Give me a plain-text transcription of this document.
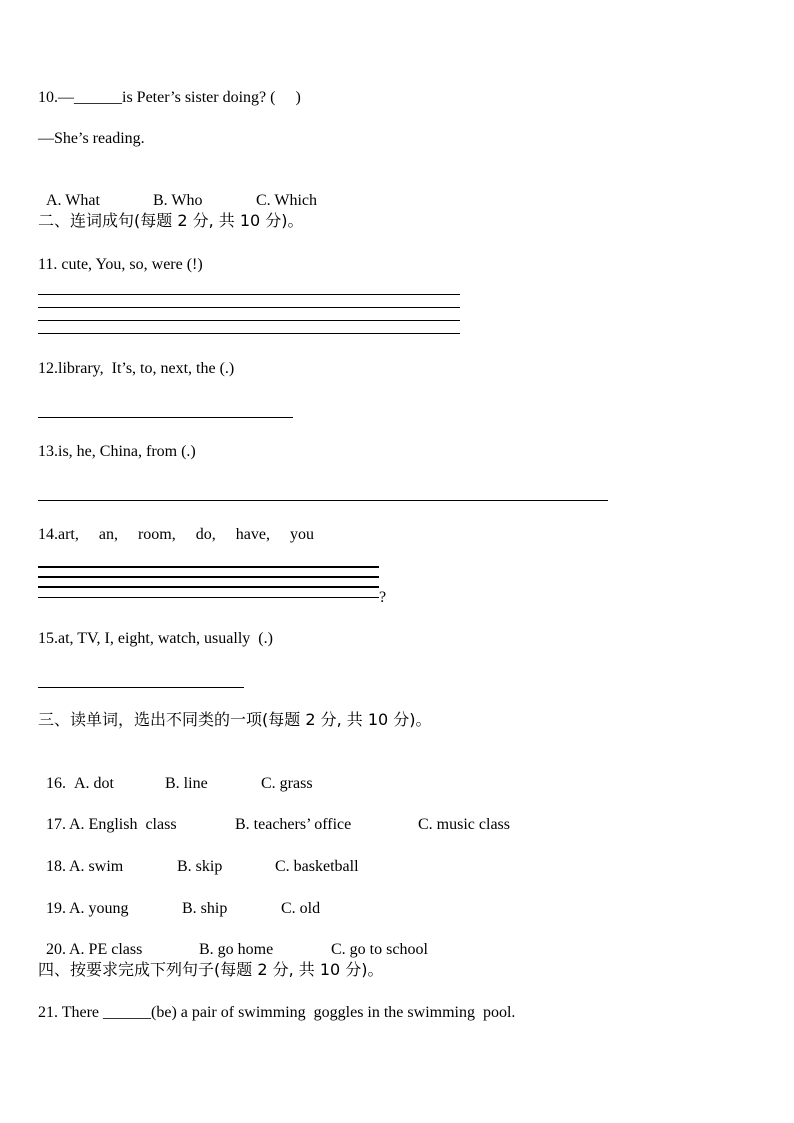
10.—______is Peter’s sister doing? (     )
—She’s reading.

A. What	B. Who	C. Which

二、连词成句(每题 2 分, 共 10 分)。
11. cute, You, so, were (!)
12.library,  It’s, to, next, the (.)
13.is, he, China, from (.)
14.art,     an,     room,     do,     have,     you
?
15.at, TV, I, eight, watch, usually  (.)
三、读单词，选出不同类的一项(每题 2 分, 共 10 分)。

16. A. dot	B. line	C. grass

17. A. English  class	B. teachers’ office	C. music class

18. A. swim	B. skip	C. basketball

19. A. young	B. ship	C. old

20. A. PE class	B. go home	C. go to school

四、按要求完成下列句子(每题 2 分, 共 10 分)。
21. There ______(be) a pair of swimming  goggles in the swimming  pool.
